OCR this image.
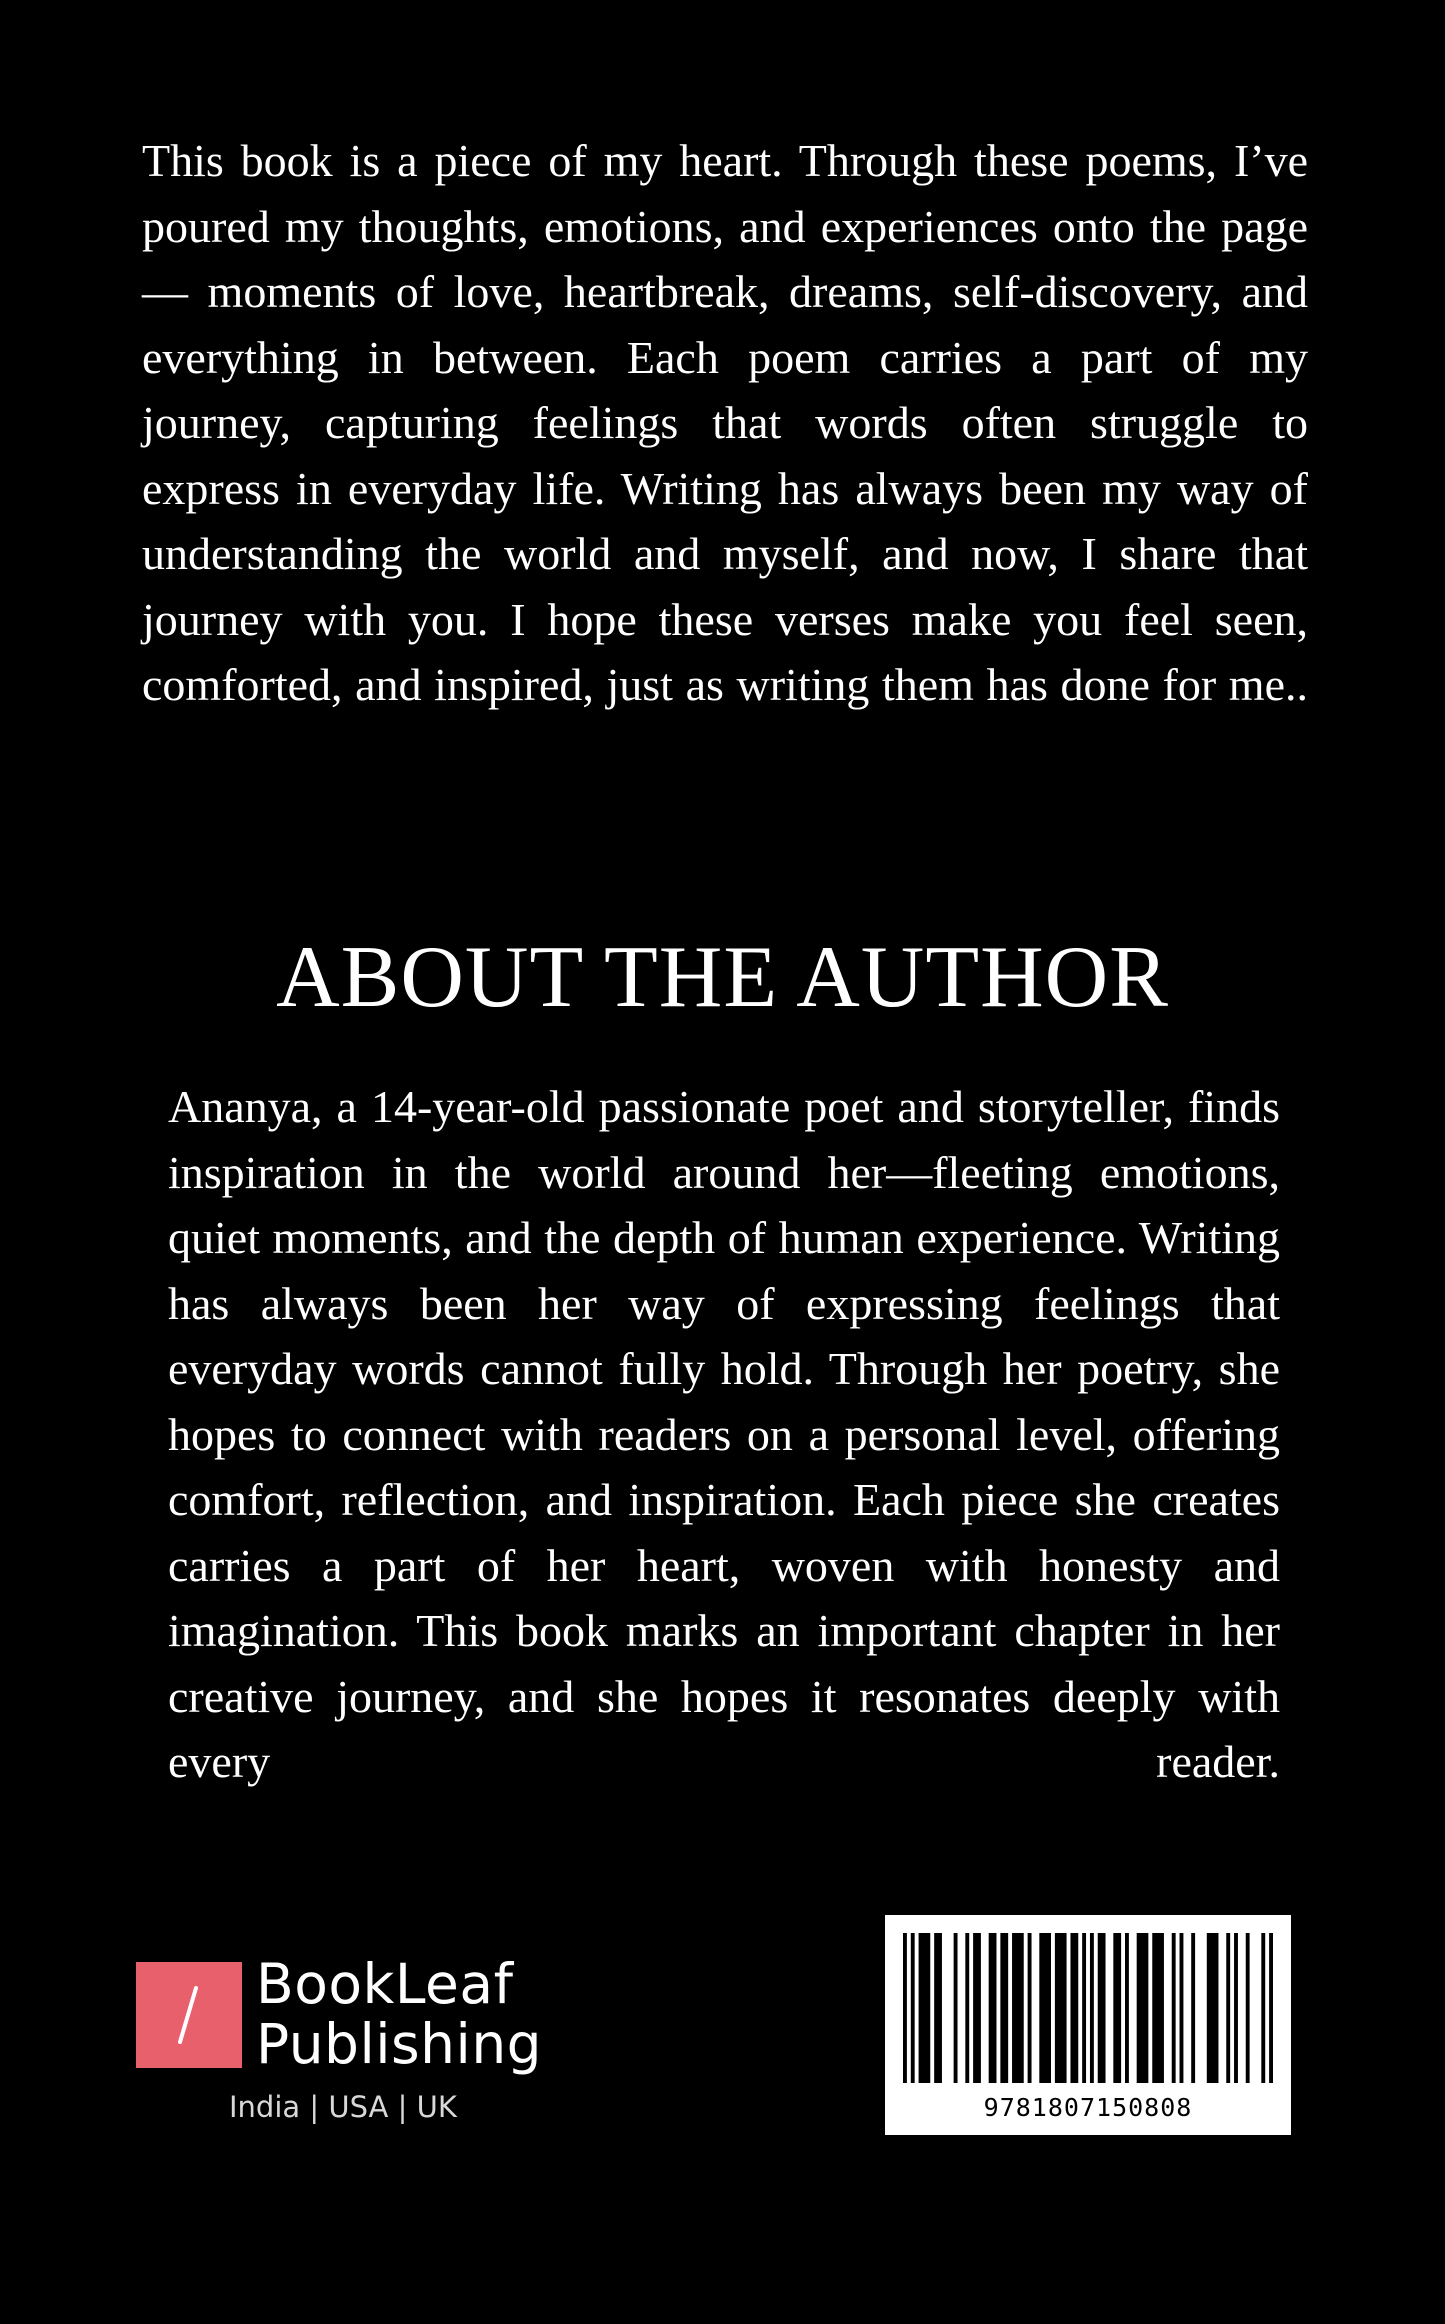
This book is a piece of my heart. Through these poems, I’ve poured my thoughts, emotions, and experiences onto the page — moments of love, heartbreak, dreams, self-discovery, and everything in between. Each poem carries a part of my journey, capturing feelings that words often struggle to express in everyday life. Writing has always been my way of understanding the world and myself, and now, I share that journey with you. I hope these verses make you feel seen, comforted, and inspired, just as writing them has done for me..

ABOUT THE AUTHOR

Ananya, a 14-year-old passionate poet and storyteller, finds inspiration in the world around her—fleeting emotions, quiet moments, and the depth of human experience. Writing has always been her way of expressing feelings that everyday words cannot fully hold. Through her poetry, she hopes to connect with readers on a personal level, offering comfort, reflection, and inspiration. Each piece she creates carries a part of her heart, woven with honesty and imagination. This book marks an important chapter in her creative journey, and she hopes it resonates deeply with every reader.

BookLeaf
Publishing
India | USA | UK	9781807150808
